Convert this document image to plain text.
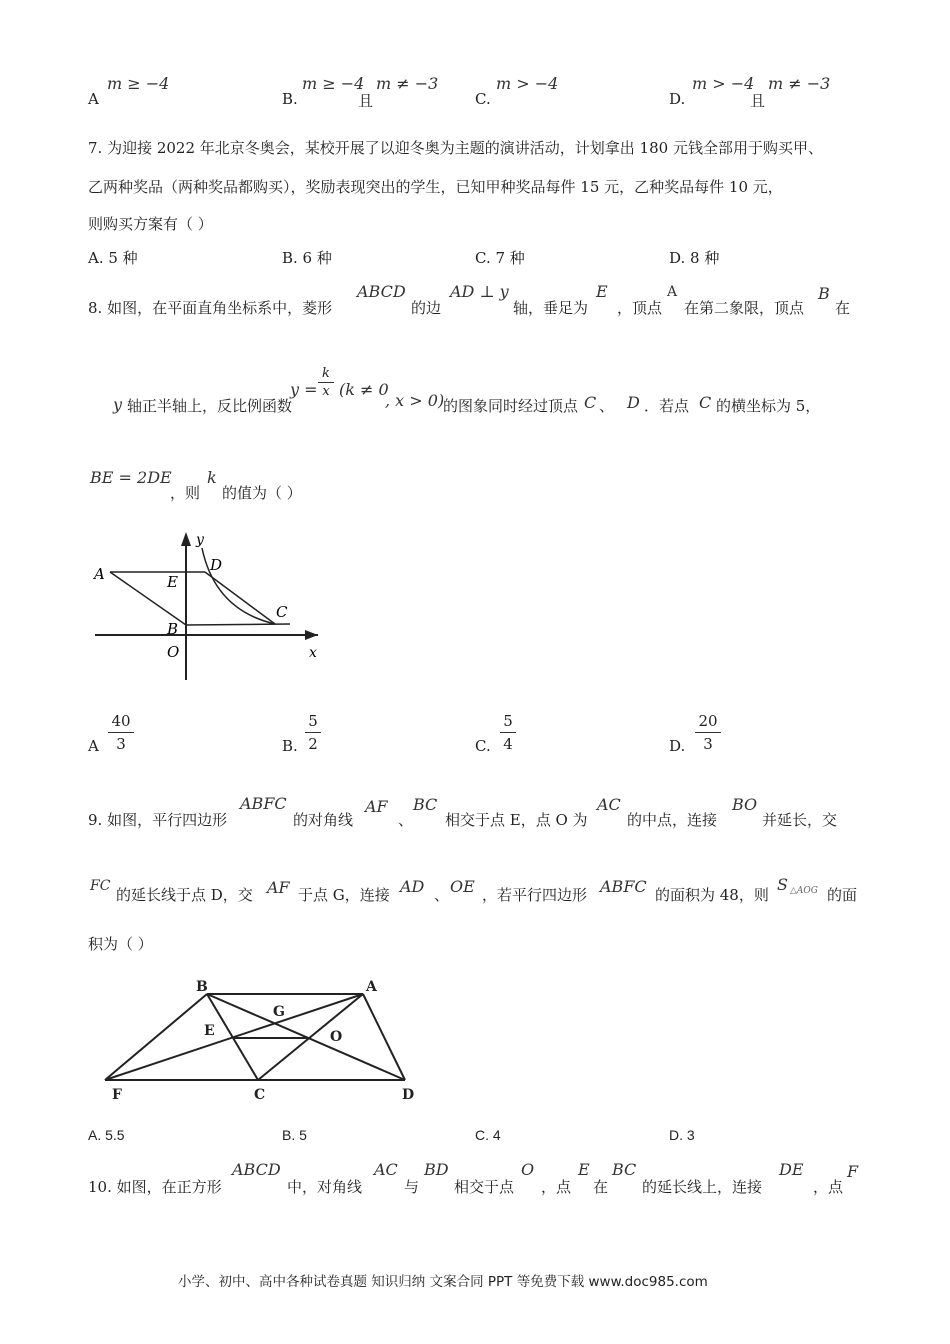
A
m ≥ −4
B.
m ≥ −4
且
m ≠ −3
C.
m > −4
D.
m > −4
且
m ≠ −3
7. 为迎接 2022 年北京冬奥会，某校开展了以迎冬奥为主题的演讲活动，计划拿出 180 元钱全部用于购买甲、
乙两种奖品（两种奖品都购买），奖励表现突出的学生，已知甲种奖品每件 15 元，乙种奖品每件 10 元，
则购买方案有（ ）
A. 5 种	B. 6 种	C. 7 种	D. 8 种
8. 如图，在平面直角坐标系中，菱形
ABCD
的边
AD ⊥ y
轴，垂足为
E
，顶点
A
在第二象限，顶点
B
在
y 轴正半轴上，反比例函数
y =
k
x (k ≠ 0
, x > 0)
的图象同时经过顶点 C 、 D ．若点 C 的横坐标为 5，
BE = 2DE
，则
k
的值为（ ）
A	E
B
O
D
C
y
x
A
40
3	B.
5
2	C.
5
4	D.
20
3
9. 如图，平行四边形
ABFC
的对角线
AF
、
BC
相交于点 E，点 O 为
AC
的中点，连接
BO
并延长，交
FC 的延长线于点 D，交 AF 于点 G，连接 AD 、 OE ，若平行四边形 ABFC 的面积为 48，则
S △AOG 的面
积为（ ）
B	A
G
E	O
F	C	D
A. 5.5	B. 5	C. 4	D. 3
10. 如图，在正方形
ABCD
中，对角线
AC
与
BD
相交于点
O
，点
E
在
BC
的延长线上，连接
DE
，点
F
小学、初中、高中各种试卷真题 知识归纳 文案合同 PPT 等免费下载 www.doc985.com
